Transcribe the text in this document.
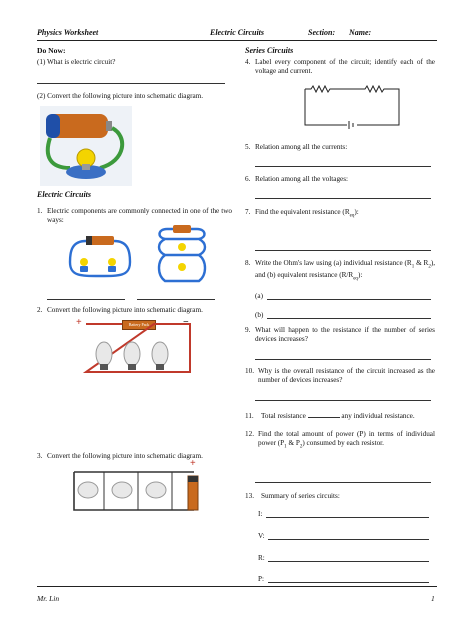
Physics Worksheet	Electric Circuits	Section: Name:
Do Now:
(1) What is electric circuit?
(2) Convert the following picture into schematic diagram.
Electric Circuits
1. Electric components are commonly connected in one of the two ways:
2. Convert the following picture into schematic diagram.
+	−
Battery Pack
3. Convert the following picture into schematic diagram.
+
Series Circuits
4. Label every component of the circuit; identify each of the voltage and current.
5. Relation among all the currents:
6. Relation among all the voltages:
7. Find the equivalent resistance $(R_{eq})$:
8. Write the Ohm's law using (a) individual resistance ($R_1$ & $R_2$), and (b) equivalent resistance $(R/R_{eq})$:
(a)
(b)
9. What will happen to the resistance if the number of series devices increases?
10. Why is the overall resistance of the circuit increased as the number of devices increases?
11. Total resistance	any individual resistance.
12. Find the total amount of power (P) in terms of individual power ($P_1$ & $P_2$) consumed by each resistor.
13. Summary of series circuits:
I:
V:
R:
P:
Mr. Lin	1
